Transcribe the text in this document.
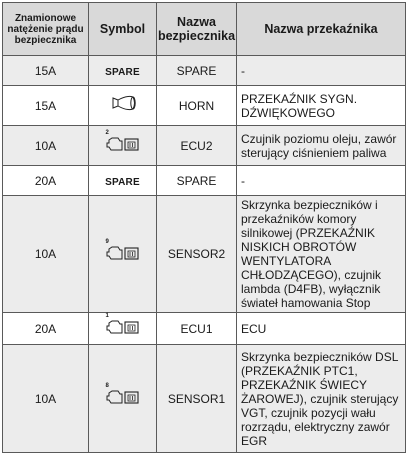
Znamionowe natężenie prądu bezpiecznika	Symbol	Nazwa bezpiecznika	Nazwa przekaźnika
15A	SPARE	SPARE	-
15A		HORN	PRZEKAŹNIK SYGN. DŹWIĘKOWEGO
10A	2	ECU2	Czujnik poziomu oleju, zawór sterujący ciśnieniem paliwa
20A	SPARE	SPARE	-
10A	9	SENSOR2	Skrzynka bezpieczników i przekaźników komory silnikowej (PRZEKAŹNIK NISKICH OBROTÓW WENTYLATORA CHŁODZĄCEGO), czujnik lambda (D4FB), wyłącznik świateł hamowania Stop
20A	1	ECU1	ECU
10A	8	SENSOR1	Skrzynka bezpieczników DSL (PRZEKAŹNIK PTC1, PRZEKAŹNIK ŚWIECY ŻAROWEJ), czujnik sterujący VGT, czujnik pozycji wału rozrządu, elektryczny zawór EGR
